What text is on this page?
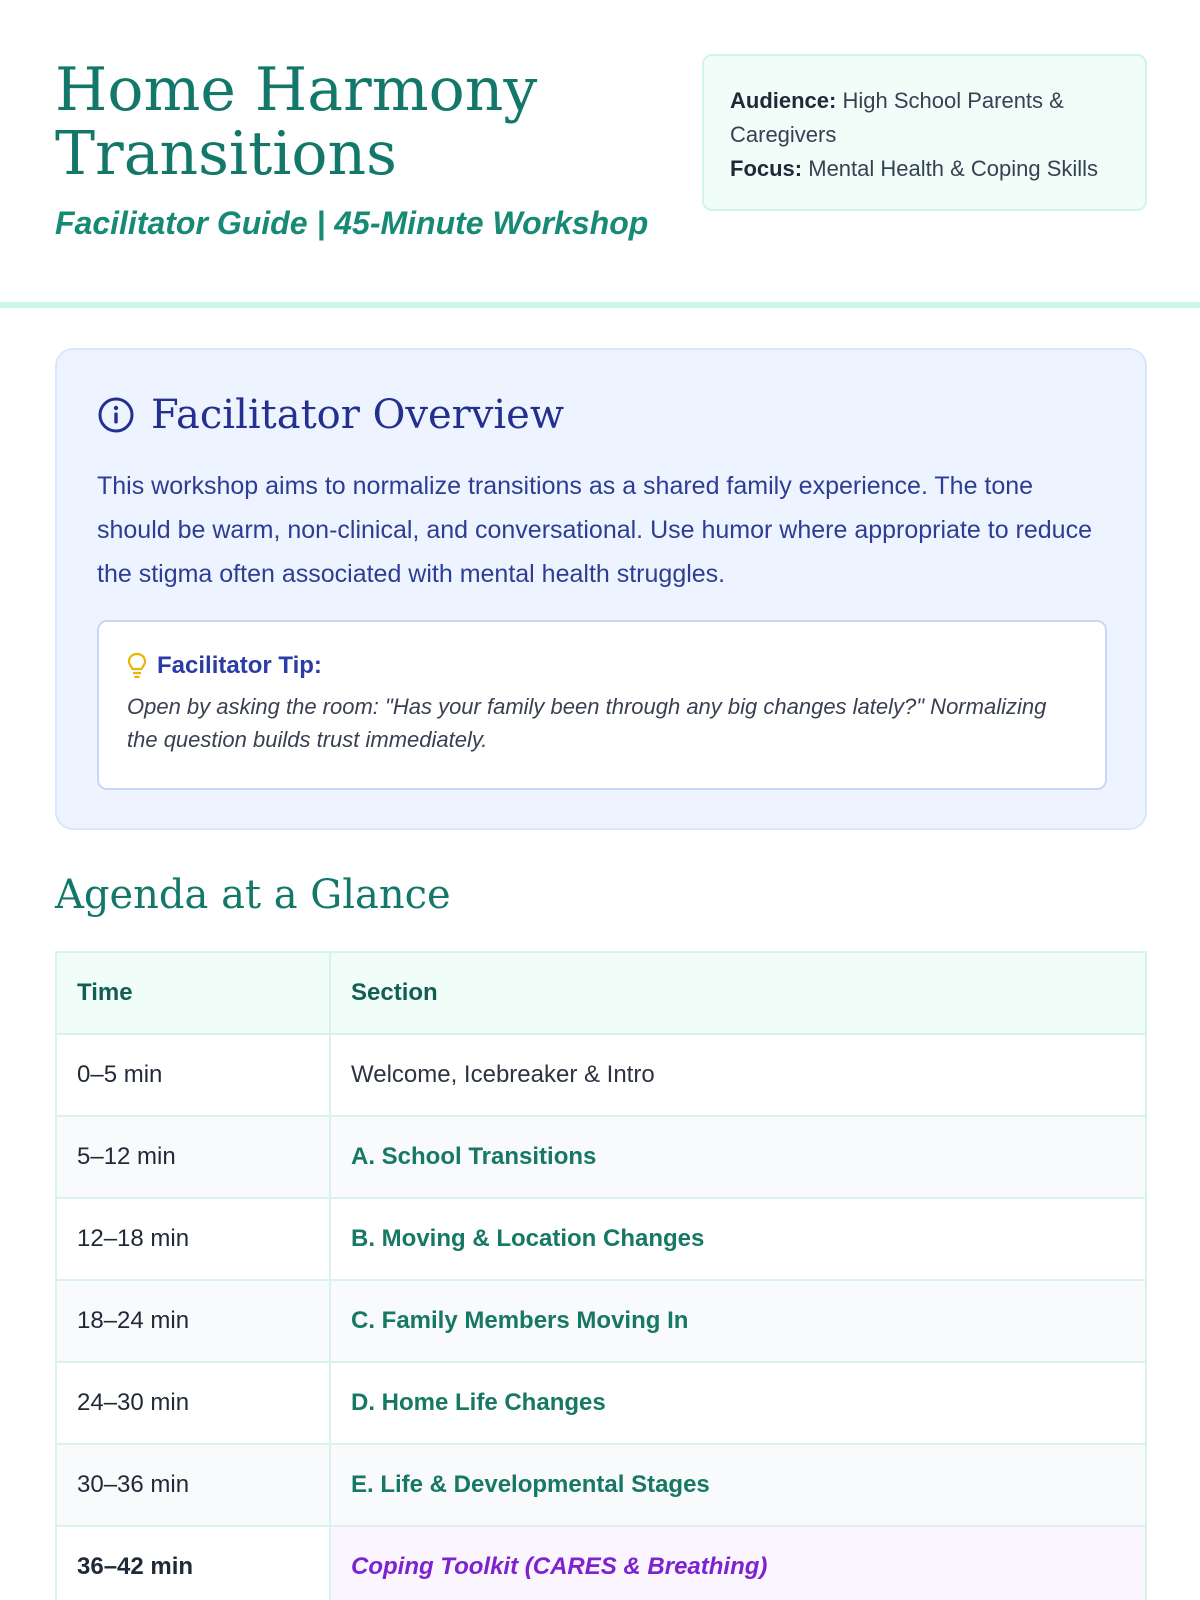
Home Harmony Transitions
Facilitator Guide | 45-Minute Workshop
Audience: High School Parents & Caregivers
Focus: Mental Health & Coping Skills
Facilitator Overview

This workshop aims to normalize transitions as a shared family experience. The tone should be warm, non-clinical, and conversational. Use humor where appropriate to reduce the stigma often associated with mental health struggles.

Facilitator Tip:

Open by asking the room: "Has your family been through any big changes lately?" Normalizing the question builds trust immediately.

Agenda at a Glance
Time	Section
0–5 min	Welcome, Icebreaker & Intro
5–12 min	A. School Transitions
12–18 min	B. Moving & Location Changes
18–24 min	C. Family Members Moving In
24–30 min	D. Home Life Changes
30–36 min	E. Life & Developmental Stages
36–42 min	Coping Toolkit (CARES & Breathing)
